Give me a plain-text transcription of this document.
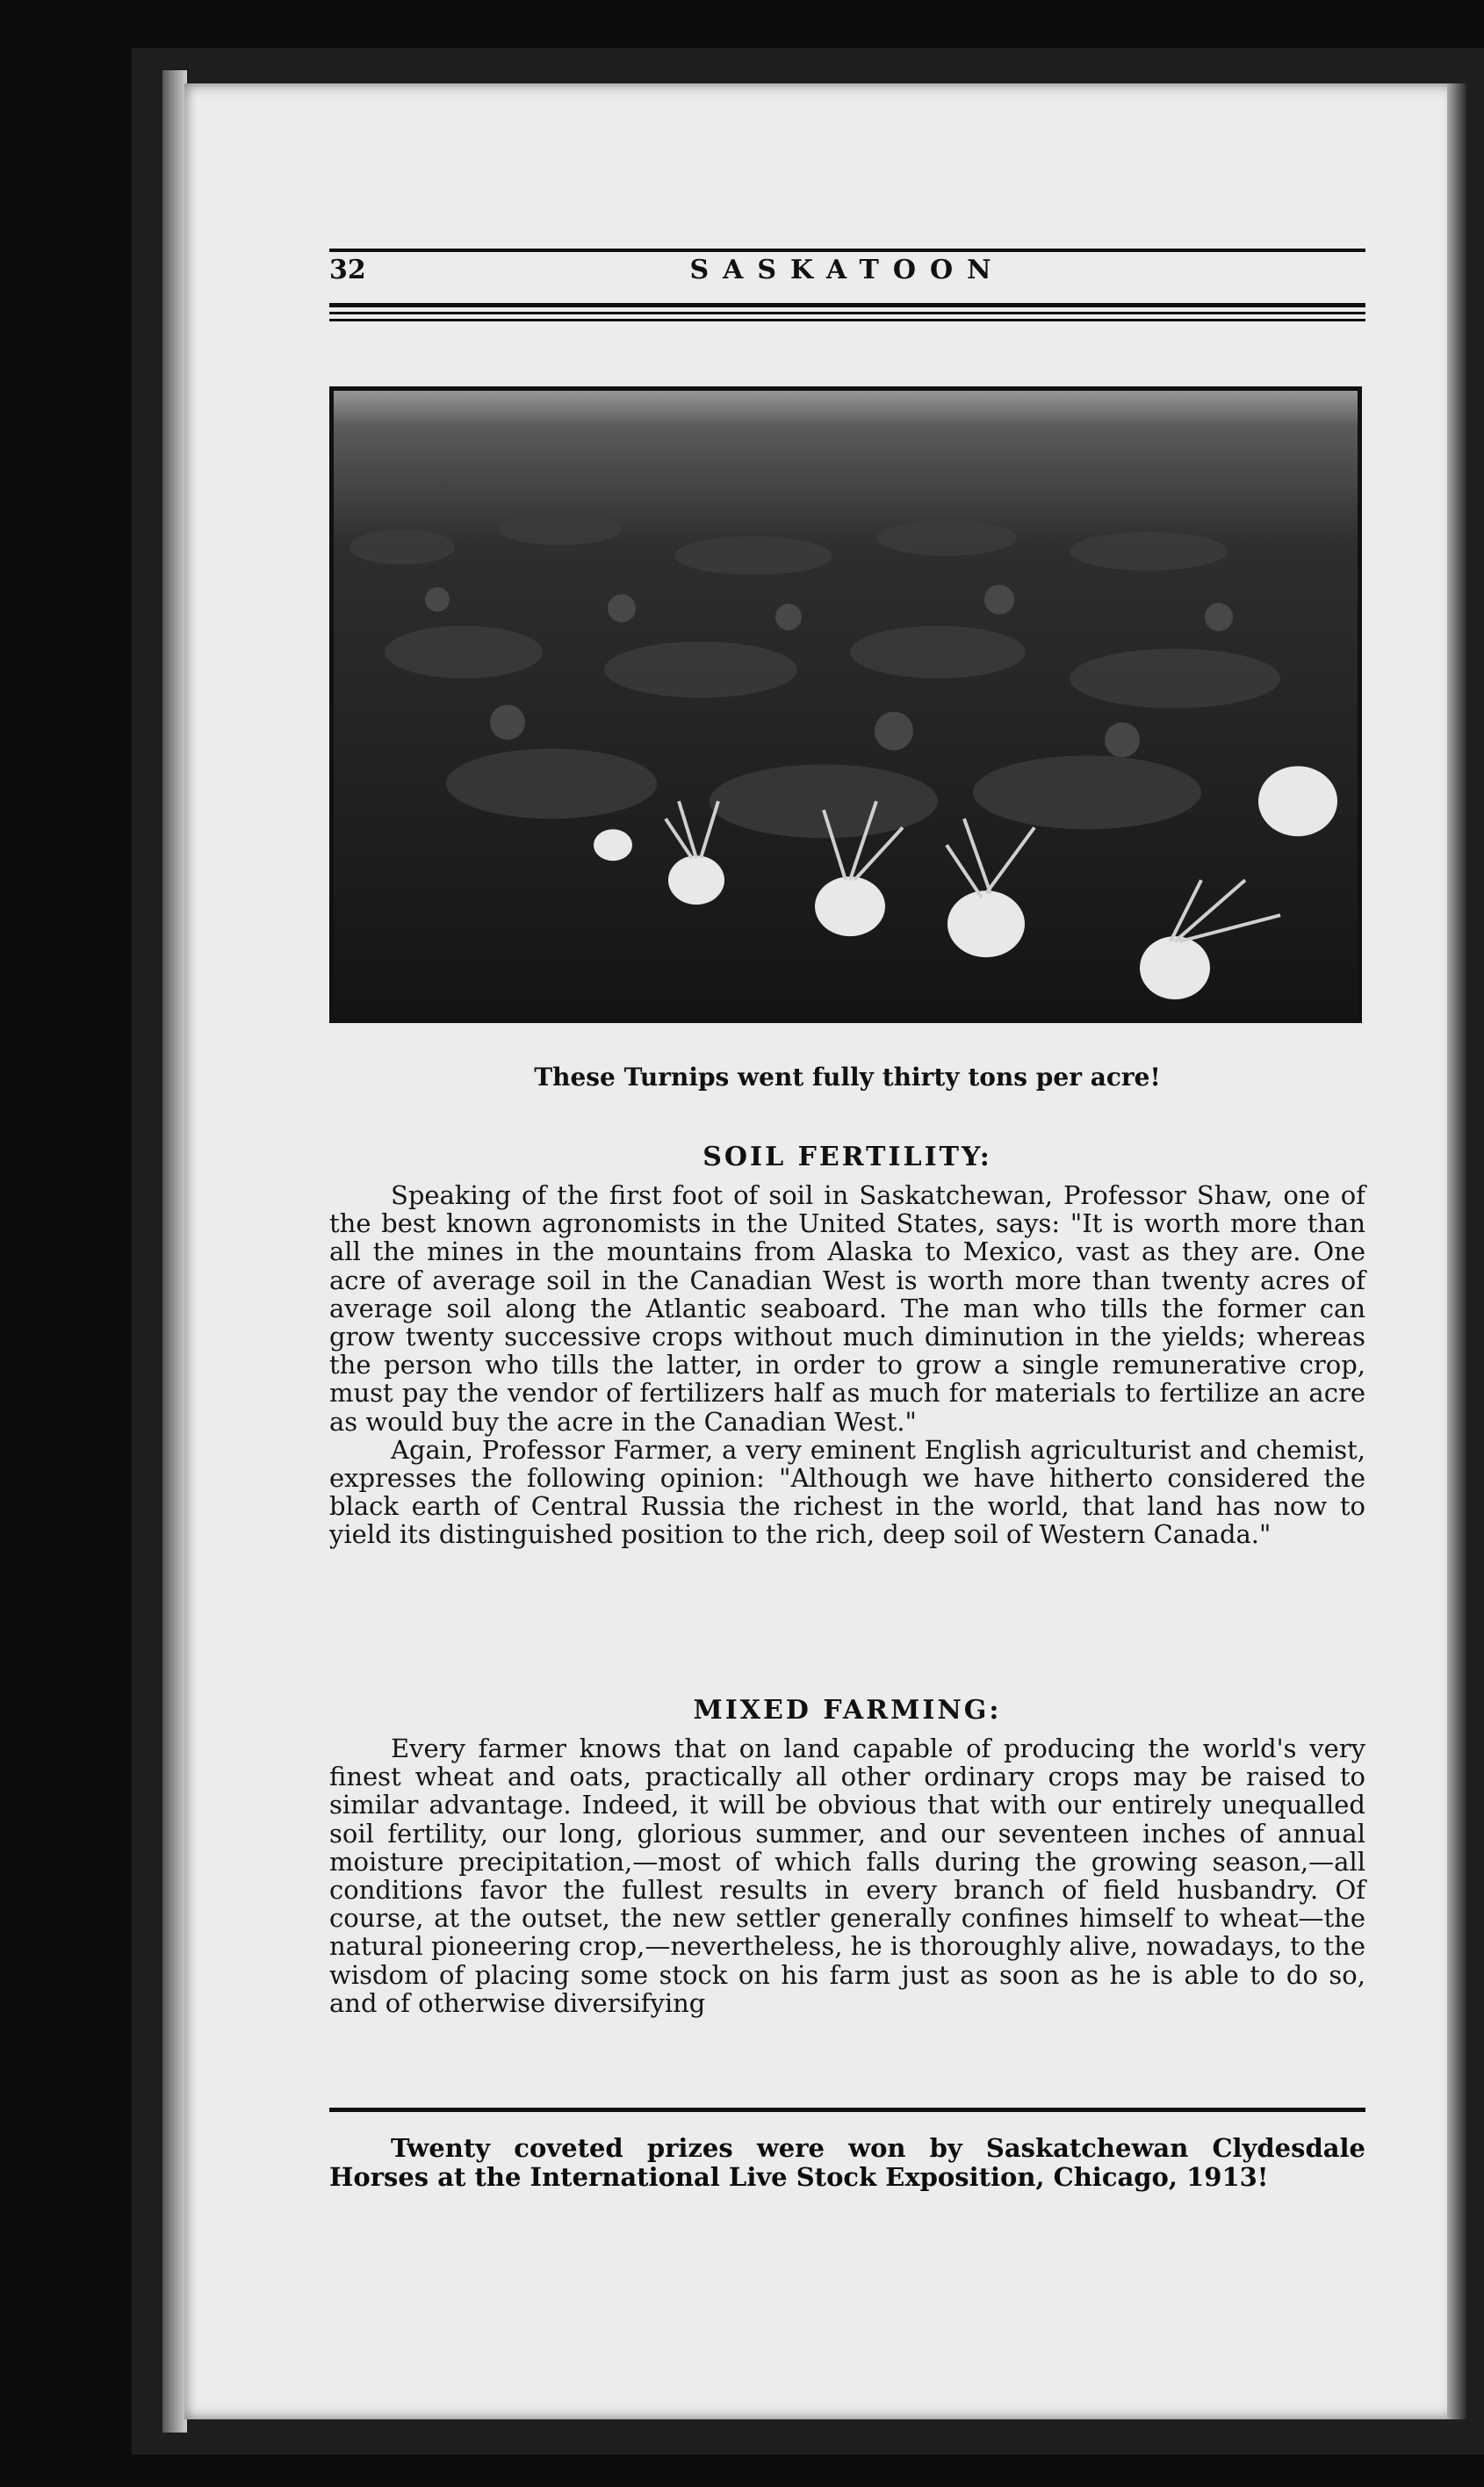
32	SASKATOON
These Turnips went fully thirty tons per acre!
SOIL FERTILITY:

Speaking of the first foot of soil in Saskatchewan, Professor Shaw, one of the best known agronomists in the United States, says: "It is worth more than all the mines in the mountains from Alaska to Mexico, vast as they are. One acre of average soil in the Canadian West is worth more than twenty acres of average soil along the Atlantic seaboard. The man who tills the former can grow twenty successive crops without much diminution in the yields; whereas the person who tills the latter, in order to grow a single remunerative crop, must pay the vendor of fertilizers half as much for materials to fertilize an acre as would buy the acre in the Canadian West."

Again, Professor Farmer, a very eminent English agriculturist and chemist, expresses the following opinion: "Although we have hitherto considered the black earth of Central Russia the richest in the world, that land has now to yield its distinguished position to the rich, deep soil of Western Canada."

MIXED FARMING:

Every farmer knows that on land capable of producing the world's very finest wheat and oats, practically all other ordinary crops may be raised to similar advantage. Indeed, it will be obvious that with our entirely unequalled soil fertility, our long, glorious summer, and our seventeen inches of annual moisture precipitation,—most of which falls during the growing season,—all conditions favor the fullest results in every branch of field husbandry. Of course, at the outset, the new settler generally confines himself to wheat—the natural pioneering crop,—nevertheless, he is thoroughly alive, nowadays, to the wisdom of placing some stock on his farm just as soon as he is able to do so, and of otherwise diversifying

Twenty coveted prizes were won by Saskatchewan Clydesdale Horses at the International Live Stock Exposition, Chicago, 1913!
